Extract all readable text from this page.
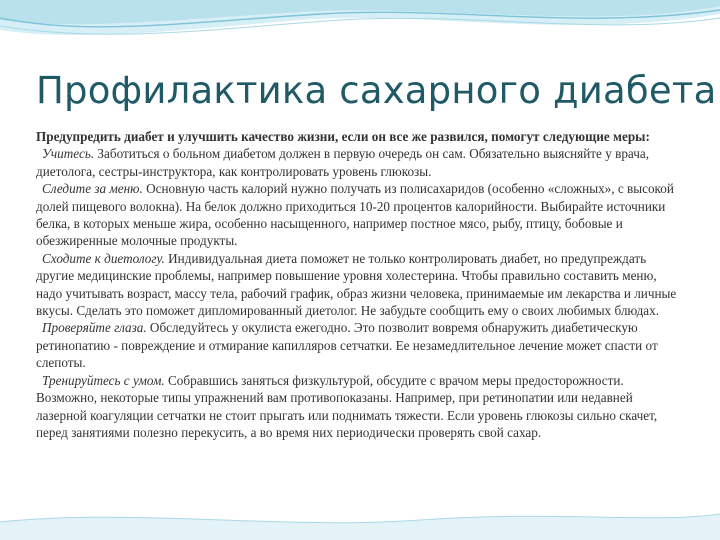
Профилактика сахарного диабета

Предупредить диабет и улучшить качество жизни, если он все же развился, помогут следующие меры:

Учитесь. Заботиться о больном диабетом должен в первую очередь он сам. Обязательно выясняйте у врача, диетолога, сестры-инструктора, как контролировать уровень глюкозы.

Следите за меню. Основную часть калорий нужно получать из полисахаридов (особенно «сложных», с высокой долей пищевого волокна). На белок должно приходиться 10-20 процентов калорийности. Выбирайте источники белка, в которых меньше жира, особенно насыщенного, например постное мясо, рыбу, птицу, бобовые и обезжиренные молочные продукты.

Сходите к диетологу. Индивидуальная диета поможет не только контролировать диабет, но предупреждать другие медицинские проблемы, например повышение уровня холестерина. Чтобы правильно составить меню, надо учитывать возраст, массу тела, рабочий график, образ жизни человека, принимаемые им лекарства и личные вкусы. Сделать это поможет дипломированный диетолог. Не забудьте сообщить ему о своих любимых блюдах.

Проверяйте глаза. Обследуйтесь у окулиста ежегодно. Это позволит вовремя обнаружить диабетическую ретинопатию - повреждение и отмирание капилляров сетчатки. Ее незамедлительное лечение может спасти от слепоты.

Тренируйтесь с умом. Собравшись заняться физкультурой, обсудите с врачом меры предосторожности. Возможно, некоторые типы упражнений вам противопоказаны. Например, при ретинопатии или недавней лазерной коагуляции сетчатки не стоит прыгать или поднимать тяжести. Если уровень глюкозы сильно скачет, перед занятиями полезно перекусить, а во время них периодически проверять свой сахар.
